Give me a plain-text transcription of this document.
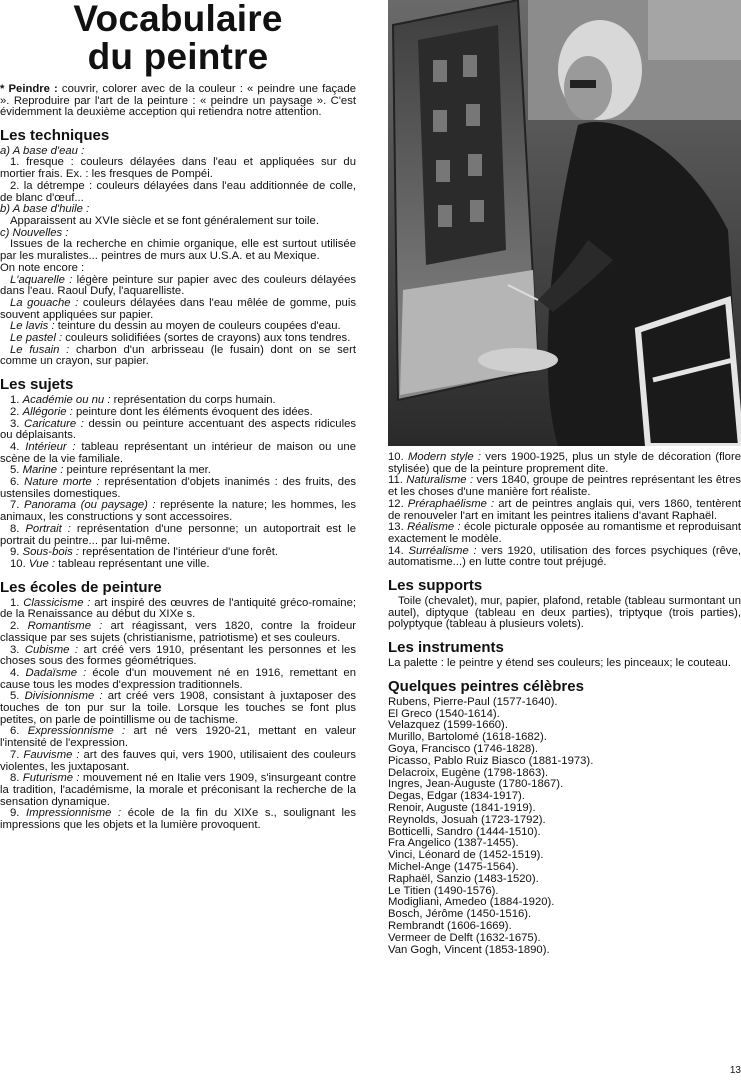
Vocabulaire
du peintre

* Peindre : couvrir, colorer avec de la couleur : « peindre une façade ». Reproduire par l'art de la peinture : « peindre un paysage ». C'est évidemment la deuxième acception qui retiendra notre attention.

Les techniques

a) A base d'eau :

1. fresque : couleurs délayées dans l'eau et appliquées sur du mortier frais. Ex. : les fresques de Pompéi.

2. la détrempe : couleurs délayées dans l'eau additionnée de colle, de blanc d'œuf...

b) A base d'huile :

Apparaissent au XVIe siècle et se font généralement sur toile.

c) Nouvelles :

Issues de la recherche en chimie organique, elle est surtout utilisée par les muralistes... peintres de murs aux U.S.A. et au Mexique.

On note encore :

L'aquarelle : légère peinture sur papier avec des couleurs délayées dans l'eau. Raoul Dufy, l'aquarelliste.

La gouache : couleurs délayées dans l'eau mêlée de gomme, puis souvent appliquées sur papier.

Le lavis : teinture du dessin au moyen de couleurs coupées d'eau.

Le pastel : couleurs solidifiées (sortes de crayons) aux tons tendres.

Le fusain : charbon d'un arbrisseau (le fusain) dont on se sert comme un crayon, sur papier.

Les sujets

1. Académie ou nu : représentation du corps humain.

2. Allégorie : peinture dont les éléments évoquent des idées.

3. Caricature : dessin ou peinture accentuant des aspects ridicules ou déplaisants.

4. Intérieur : tableau représentant un intérieur de maison ou une scène de la vie familiale.

5. Marine : peinture représentant la mer.

6. Nature morte : représentation d'objets inanimés : des fruits, des ustensiles domestiques.

7. Panorama (ou paysage) : représente la nature; les hommes, les animaux, les constructions y sont accessoires.

8. Portrait : représentation d'une personne; un autoportrait est le portrait du peintre... par lui-même.

9. Sous-bois : représentation de l'intérieur d'une forêt.

10. Vue : tableau représentant une ville.

Les écoles de peinture

1. Classicisme : art inspiré des œuvres de l'antiquité gréco-romaine; de la Renaissance au début du XIXe s.

2. Romantisme : art réagissant, vers 1820, contre la froideur classique par ses sujets (christianisme, patriotisme) et ses couleurs.

3. Cubisme : art créé vers 1910, présentant les personnes et les choses sous des formes géométriques.

4. Dadaïsme : école d'un mouvement né en 1916, remettant en cause tous les modes d'expression traditionnels.

5. Divisionnisme : art créé vers 1908, consistant à juxtaposer des touches de ton pur sur la toile. Lorsque les touches se font plus petites, on parle de pointillisme ou de tachisme.

6. Expressionnisme : art né vers 1920-21, mettant en valeur l'intensité de l'expression.

7. Fauvisme : art des fauves qui, vers 1900, utilisaient des couleurs violentes, les juxtaposant.

8. Futurisme : mouvement né en Italie vers 1909, s'insurgeant contre la tradition, l'académisme, la morale et préconisant la recherche de la sensation dynamique.

9. Impressionnisme : école de la fin du XIXe s., soulignant les impressions que les objets et la lumière provoquent.

10. Modern style : vers 1900-1925, plus un style de décoration (flore stylisée) que de la peinture proprement dite.

11. Naturalisme : vers 1840, groupe de peintres représentant les êtres et les choses d'une manière fort réaliste.

12. Préraphaélisme : art de peintres anglais qui, vers 1860, tentèrent de renouveler l'art en imitant les peintres italiens d'avant Raphaël.

13. Réalisme : école picturale opposée au romantisme et reproduisant exactement le modèle.

14. Surréalisme : vers 1920, utilisation des forces psychiques (rêve, automatisme...) en lutte contre tout préjugé.

Les supports

Toile (chevalet), mur, papier, plafond, retable (tableau surmontant un autel), diptyque (tableau en deux parties), triptyque (trois parties), polyptyque (tableau à plusieurs volets).

Les instruments

La palette : le peintre y étend ses couleurs; les pinceaux; le couteau.

Quelques peintres célèbres
Rubens, Pierre-Paul (1577-1640).
El Greco (1540-1614).
Velazquez (1599-1660).
Murillo, Bartolomé (1618-1682).
Goya, Francisco (1746-1828).
Picasso, Pablo Ruiz Biasco (1881-1973).
Delacroix, Eugène (1798-1863).
Ingres, Jean-Auguste (1780-1867).
Degas, Edgar (1834-1917).
Renoir, Auguste (1841-1919).
Reynolds, Josuah (1723-1792).
Botticelli, Sandro (1444-1510).
Fra Angelico (1387-1455).
Vinci, Léonard de (1452-1519).
Michel-Ange (1475-1564).
Raphaël, Sanzio (1483-1520).
Le Titien (1490-1576).
Modigliani, Amedeo (1884-1920).
Bosch, Jérôme (1450-1516).
Rembrandt (1606-1669).
Vermeer de Delft (1632-1675).
Van Gogh, Vincent (1853-1890).
13
